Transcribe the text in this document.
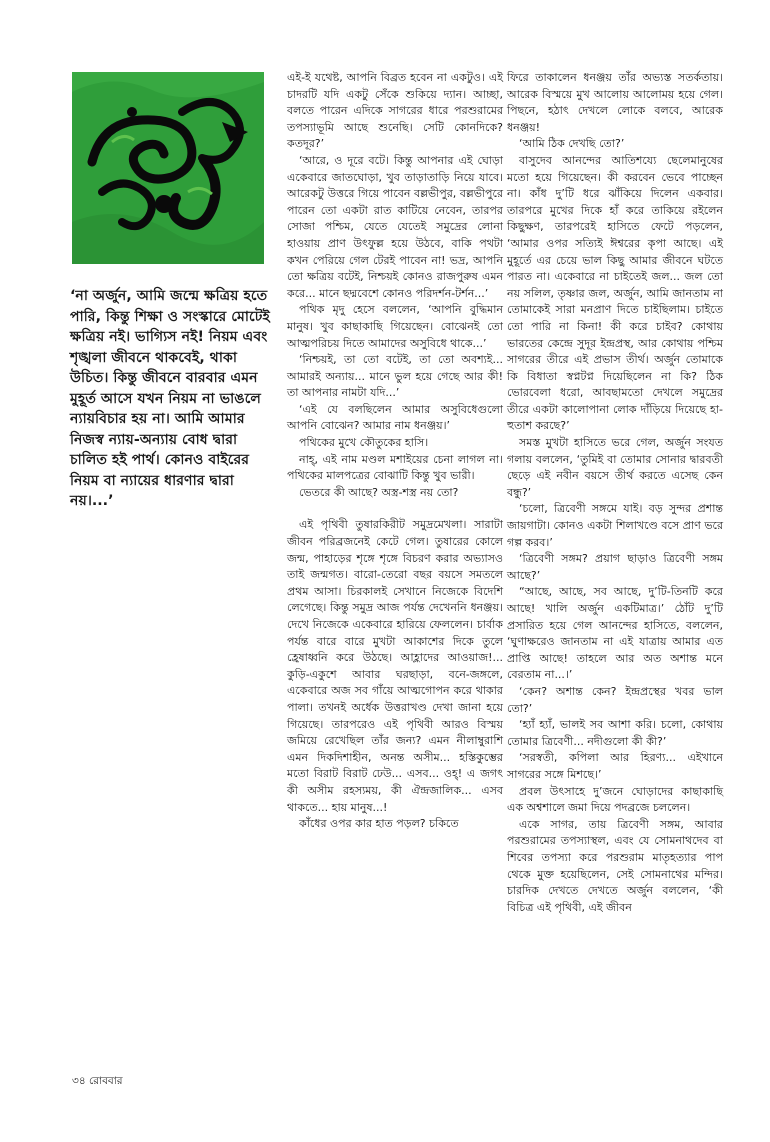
‘না অর্জুন, আমি জন্মে ক্ষত্রিয় হতে পারি, কিন্তু শিক্ষা ও সংস্কারে মোটেই ক্ষত্রিয় নই। ভাগ্যিস নই! নিয়ম এবং শৃঙ্খলা জীবনে থাকবেই, থাকা উচিত। কিন্তু জীবনে বারবার এমন মুহূর্ত আসে যখন নিয়ম না ভাঙলে ন্যায়বিচার হয় না। আমি আমার নিজস্ব ন্যায়-অন্যায় বোধ দ্বারা চালিত হই পার্থ। কোনও বাইরের নিয়ম বা ন্যায়ের ধারণার দ্বারা নয়।...’

এই-ই যথেষ্ট, আপনি বিব্রত হবেন না একটুও। এই চাদরটি যদি একটু সেঁকে শুকিয়ে দ্যান। আচ্ছা, বলতে পারেন এদিকে সাগরের ধারে পরশুরামের তপস্যাভূমি আছে শুনেছি। সেটি কোনদিকে? কতদূর?’

‘আরে, ও দূরে বটে। কিন্তু আপনার এই ঘোড়া একেবারে জাতঘোড়া, খুব তাড়াতাড়ি নিয়ে যাবে। আরেকটু উত্তরে গিয়ে পাবেন বল্লভীপুর, বল্লভীপুরে পারেন তো একটা রাত কাটিয়ে নেবেন, তারপর সোজা পশ্চিম, যেতে যেতেই সমুদ্রের লোনা হাওয়ায় প্রাণ উৎফুল্ল হয়ে উঠবে, বাকি পথটা কখন পেরিয়ে গেল টেরই পাবেন না! ভদ্র, আপনি তো ক্ষত্রিয় বটেই, নিশ্চয়ই কোনও রাজপুরুষ এমন করে... মানে ছদ্মবেশে কোনও পরিদর্শন-টর্শন...’

পথিক মৃদু হেসে বললেন, ‘আপনি বুদ্ধিমান মানুষ। খুব কাছাকাছি গিয়েছেন। বোঝেনই তো আত্মপরিচয় দিতে আমাদের অসুবিধে থাকে...’

‘নিশ্চয়ই, তা তো বটেই, তা তো অবশ্যই... আমারই অন্যায়... মানে ভুল হয়ে গেছে আর কী! তা আপনার নামটা যদি...’

‘এই যে বলছিলেন আমার অসুবিধেগুলো আপনি বোঝেন? আমার নাম ধনঞ্জয়।’

পথিকের মুখে কৌতুকের হাসি।

নাহ্, এই নাম মণ্ডল মশাইয়ের চেনা লাগল না। পথিকের মালপত্রের বোঝাটি কিন্তু খুব ভারী।

ভেতরে কী আছে? অস্ত্র-শস্ত্র নয় তো?

এই পৃথিবী তুষারকিরীট সমুদ্রমেখলা। সারাটা জীবন পরিব্রজনেই কেটে গেল। তুষারের কোলে জন্ম, পাহাড়ের শৃঙ্গে শৃঙ্গে বিচরণ করার অভ্যাসও তাই জন্মগত। বারো-তেরো বছর বয়সে সমতলে প্রথম আসা। চিরকালই সেখানে নিজেকে বিদেশি লেগেছে। কিন্তু সমুদ্র আজ পর্যন্ত দেখেননি ধনঞ্জয়। দেখে নিজেকে একেবারে হারিয়ে ফেললেন। চার্বাক পর্যন্ত বারে বারে মুখটা আকাশের দিকে তুলে হ্রেষাধ্বনি করে উঠছে। আহ্লাদের আওয়াজ!... কুড়ি-একুশে আবার ঘরছাড়া, বনে-জঙ্গলে, একেবারে অজ সব গাঁয়ে আত্মগোপন করে থাকার পালা। তখনই অর্ধেক উত্তরাখণ্ড দেখা জানা হয়ে গিয়েছে। তারপরেও এই পৃথিবী আরও বিস্ময় জমিয়ে রেখেছিল তাঁর জন্য? এমন নীলাম্বুরাশি এমন দিকদিশাহীন, অনন্ত অসীম... হস্তিকুম্ভের মতো বিরাট বিরাট ঢেউ... এসব... ওহ্! এ জগৎ কী অসীম রহস্যময়, কী ঐন্দ্রজালিক... এসব থাকতে... হায় মানুষ...!

কাঁধের ওপর কার হাত পড়ল? চকিতে

ফিরে তাকালেন ধনঞ্জয় তাঁর অভ্যস্ত সতর্কতায়। আরেক বিস্ময়ে মুখ আলোয় আলোময় হয়ে গেল। পিছনে, হঠাৎ দেখলে লোকে বলবে, আরেক ধনঞ্জয়!

‘আমি ঠিক দেখছি তো?’

বাসুদেব আনন্দের আতিশয্যে ছেলেমানুষের মতো হয়ে গিয়েছেন। কী করবেন ভেবে পাচ্ছেন না। কাঁধ দু’টি ধরে ঝাঁকিয়ে দিলেন একবার। তারপরে মুখের দিকে হাঁ করে তাকিয়ে রইলেন কিছুক্ষণ, তারপরেই হাসিতে ফেটে পড়লেন, ‘আমার ওপর সত্যিই ঈশ্বরের কৃপা আছে। এই মুহূর্তে এর চেয়ে ভাল কিছু আমার জীবনে ঘটতে পারত না। একেবারে না চাইতেই জল... জল তো নয় সলিল, তৃষ্ণার জল, অর্জুন, আমি জানতাম না তোমাকেই সারা মনপ্রাণ দিতে চাইছিলাম। চাইতে তো পারি না কিনা! কী করে চাইব? কোথায় ভারতের কেন্দ্রে সুদূর ইন্দ্রপ্রস্থ, আর কোথায় পশ্চিম সাগরের তীরে এই প্রভাস তীর্থ। অর্জুন তোমাকে কি বিধাতা স্বপ্নটপ্ন দিয়েছিলেন না কি? ঠিক ভোরবেলা ধরো, আবছামতো দেখলে সমুদ্রের তীরে একটা কালোপানা লোক দাঁড়িয়ে দিয়েছে হা-হুতাশ করছে?’

সমস্ত মুখটা হাসিতে ভরে গেল, অর্জুন সংযত গলায় বললেন, ‘তুমিই বা তোমার সোনার দ্বারবতী ছেড়ে এই নবীন বয়সে তীর্থ করতে এসেছ কেন বন্ধু?’

‘চলো, ত্রিবেণী সঙ্গমে যাই। বড় সুন্দর প্রশান্ত জায়গাটা। কোনও একটা শিলাখণ্ডে বসে প্রাণ ভরে গল্প করব।’

‘ত্রিবেণী সঙ্গম? প্রয়াগ ছাড়াও ত্রিবেণী সঙ্গম আছে?’

“আছে, আছে, সব আছে, দু’টি-তিনটি করে আছে! খালি অর্জুন একটিমাত্র।’ ঠোঁট দু’টি প্রসারিত হয়ে গেল আনন্দের হাসিতে, বললেন, ‘ঘুণাক্ষরেও জানতাম না এই যাত্রায় আমার এত প্রাপ্তি আছে! তাহলে আর অত অশান্ত মনে বেরতাম না...।’

‘কেন? অশান্ত কেন? ইন্দ্রপ্রস্থের খবর ভাল তো?’

‘হ্যাঁ হ্যাঁ, ভালই সব আশা করি। চলো, কোথায় তোমার ত্রিবেণী... নদীগুলো কী কী?’

‘সরস্বতী, কপিলা আর হিরণ্য... এইখানে সাগরের সঙ্গে মিশছে।’

প্রবল উৎসাহে দু’জনে ঘোড়াদের কাছাকাছি এক অশ্বশালে জমা দিয়ে পদব্রজে চললেন।

একে সাগর, তায় ত্রিবেণী সঙ্গম, আবার পরশুরামের তপস্যাস্থল, এবং যে সোমনাথদেব বা শিবের তপস্যা করে পরশুরাম মাতৃহত্যার পাপ থেকে মুক্ত হয়েছিলেন, সেই সোমনাথের মন্দির। চারদিক দেখতে দেখতে অর্জুন বললেন, ‘কী বিচিত্র এই পৃথিবী, এই জীবন

৩৪ রোববার
